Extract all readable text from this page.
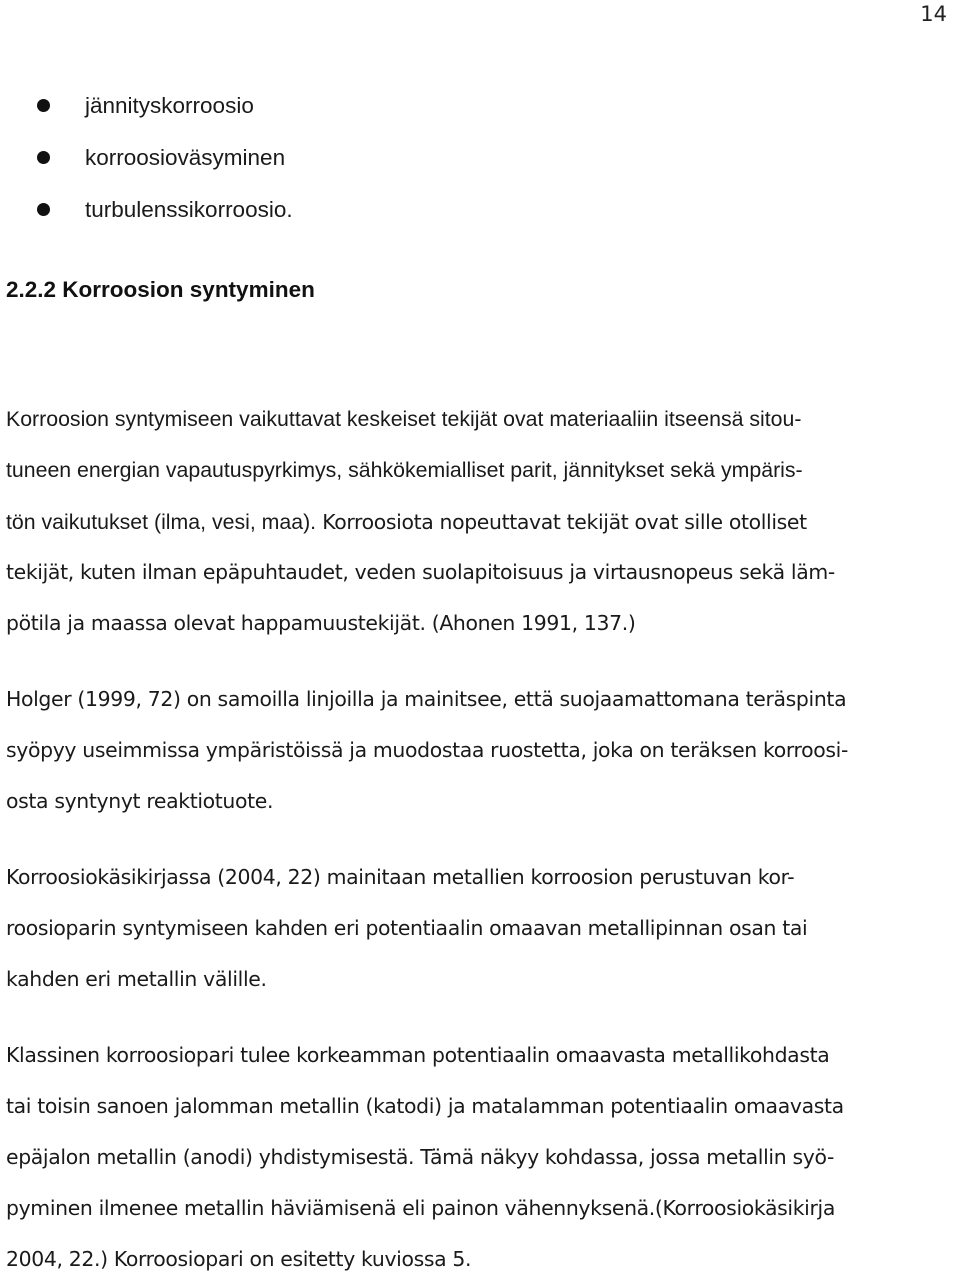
14
jännityskorroosio
korroosioväsyminen
turbulenssikorroosio.
2.2.2 Korroosion syntyminen
Korroosion syntymiseen vaikuttavat keskeiset tekijät ovat materiaaliin itseensä sitou-
tuneen energian vapautuspyrkimys, sähkökemialliset parit, jännitykset sekä ympäris-
tön vaikutukset (ilma, vesi, maa). Korroosiota nopeuttavat tekijät ovat sille otolliset
tekijät, kuten ilman epäpuhtaudet, veden suolapitoisuus ja virtausnopeus sekä läm-
pötila ja maassa olevat happamuustekijät. (Ahonen 1991, 137.)
Holger (1999, 72) on samoilla linjoilla ja mainitsee, että suojaamattomana teräspinta
syöpyy useimmissa ympäristöissä ja muodostaa ruostetta, joka on teräksen korroosi-
osta syntynyt reaktiotuote.
Korroosiokäsikirjassa (2004, 22) mainitaan metallien korroosion perustuvan kor-
roosioparin syntymiseen kahden eri potentiaalin omaavan metallipinnan osan tai
kahden eri metallin välille.
Klassinen korroosiopari tulee korkeamman potentiaalin omaavasta metallikohdasta
tai toisin sanoen jalomman metallin (katodi) ja matalamman potentiaalin omaavasta
epäjalon metallin (anodi) yhdistymisestä. Tämä näkyy kohdassa, jossa metallin syö-
pyminen ilmenee metallin häviämisenä eli painon vähennyksenä.(Korroosiokäsikirja
2004, 22.) Korroosiopari on esitetty kuviossa 5.
